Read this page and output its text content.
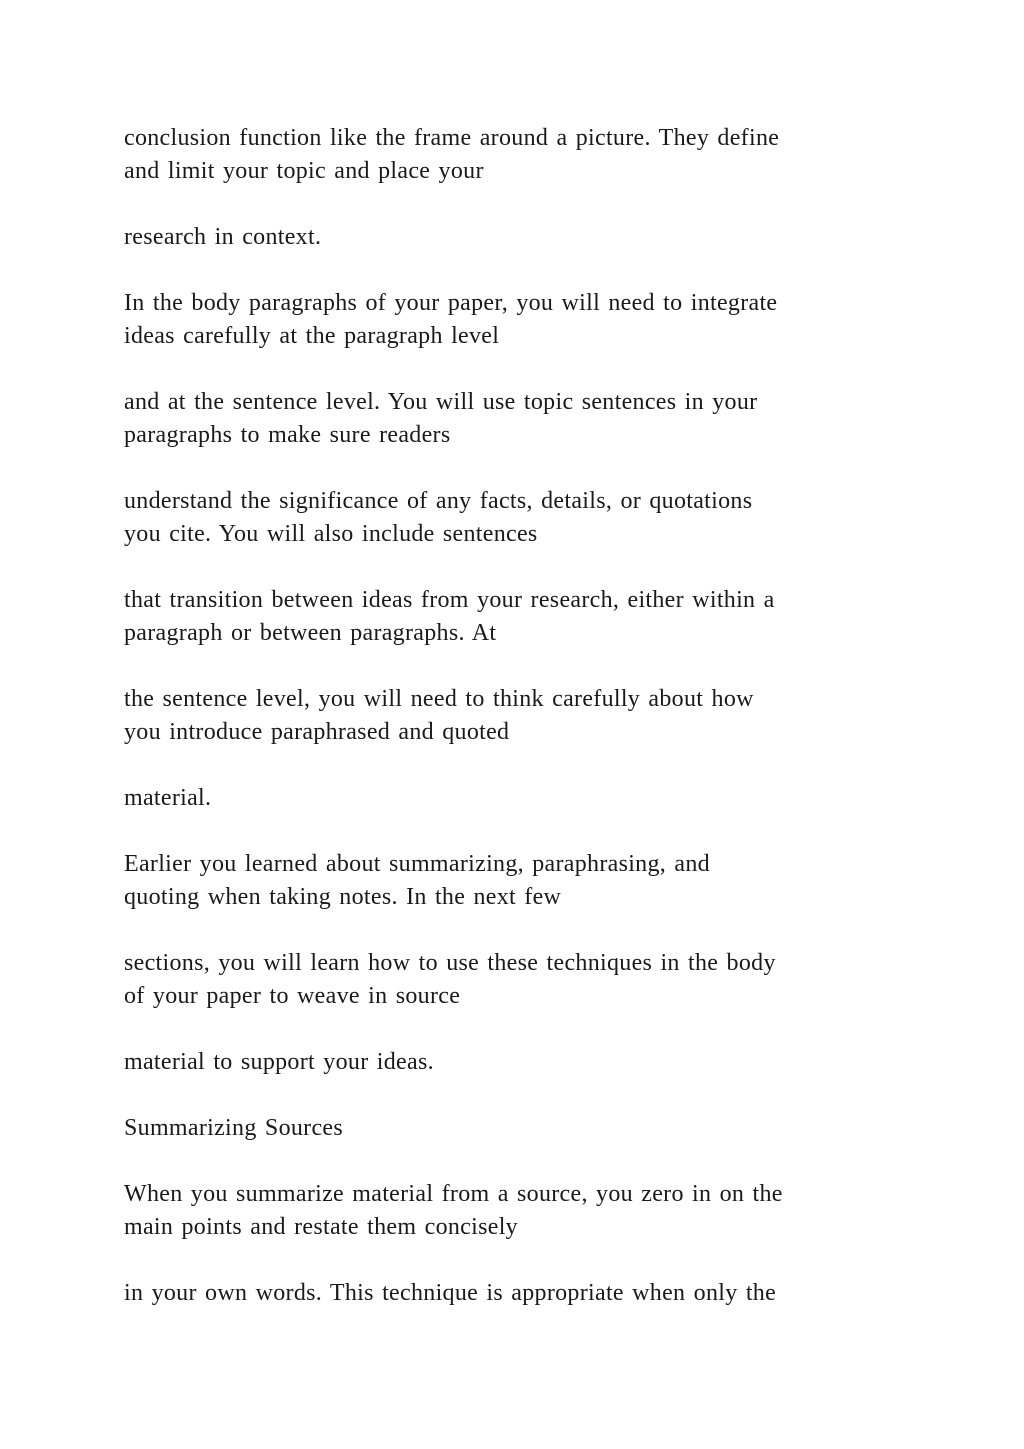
conclusion function like the frame around a picture. They define
and limit your topic and place your

research in context.

In the body paragraphs of your paper, you will need to integrate
ideas carefully at the paragraph level

and at the sentence level. You will use topic sentences in your
paragraphs to make sure readers

understand the significance of any facts, details, or quotations
you cite. You will also include sentences

that transition between ideas from your research, either within a
paragraph or between paragraphs. At

the sentence level, you will need to think carefully about how
you introduce paraphrased and quoted

material.

Earlier you learned about summarizing, paraphrasing, and
quoting when taking notes. In the next few

sections, you will learn how to use these techniques in the body
of your paper to weave in source

material to support your ideas.

Summarizing Sources

When you summarize material from a source, you zero in on the
main points and restate them concisely

in your own words. This technique is appropriate when only the
